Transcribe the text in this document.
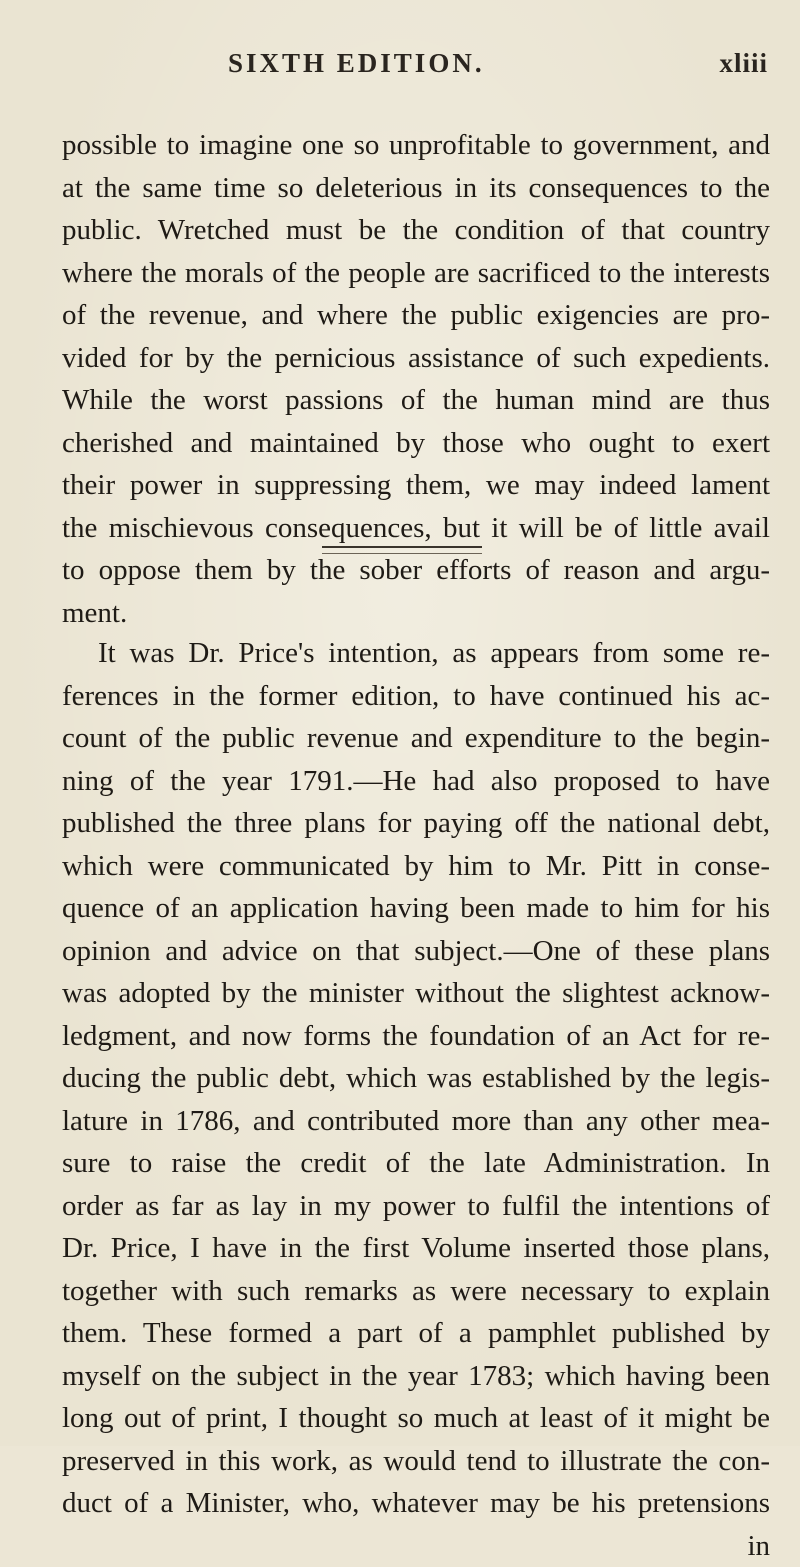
SIXTH EDITION.	xliii
possible to imagine one so unprofitable to government, and
at the same time so deleterious in its consequences to the
public. Wretched must be the condition of that country
where the morals of the people are sacrificed to the interests
of the revenue, and where the public exigencies are pro-
vided for by the pernicious assistance of such expedients.
While the worst passions of the human mind are thus
cherished and maintained by those who ought to exert
their power in suppressing them, we may indeed lament
the mischievous consequences, but it will be of little avail
to oppose them by the sober efforts of reason and argu-
ment.
It was Dr. Price's intention, as appears from some re-
ferences in the former edition, to have continued his ac-
count of the public revenue and expenditure to the begin-
ning of the year 1791.—He had also proposed to have
published the three plans for paying off the national debt,
which were communicated by him to Mr. Pitt in conse-
quence of an application having been made to him for his
opinion and advice on that subject.—One of these plans
was adopted by the minister without the slightest acknow-
ledgment, and now forms the foundation of an Act for re-
ducing the public debt, which was established by the legis-
lature in 1786, and contributed more than any other mea-
sure to raise the credit of the late Administration. In
order as far as lay in my power to fulfil the intentions of
Dr. Price, I have in the first Volume inserted those plans,
together with such remarks as were necessary to explain
them. These formed a part of a pamphlet published by
myself on the subject in the year 1783; which having been
long out of print, I thought so much at least of it might be
preserved in this work, as would tend to illustrate the con-
duct of a Minister, who, whatever may be his pretensions
in
